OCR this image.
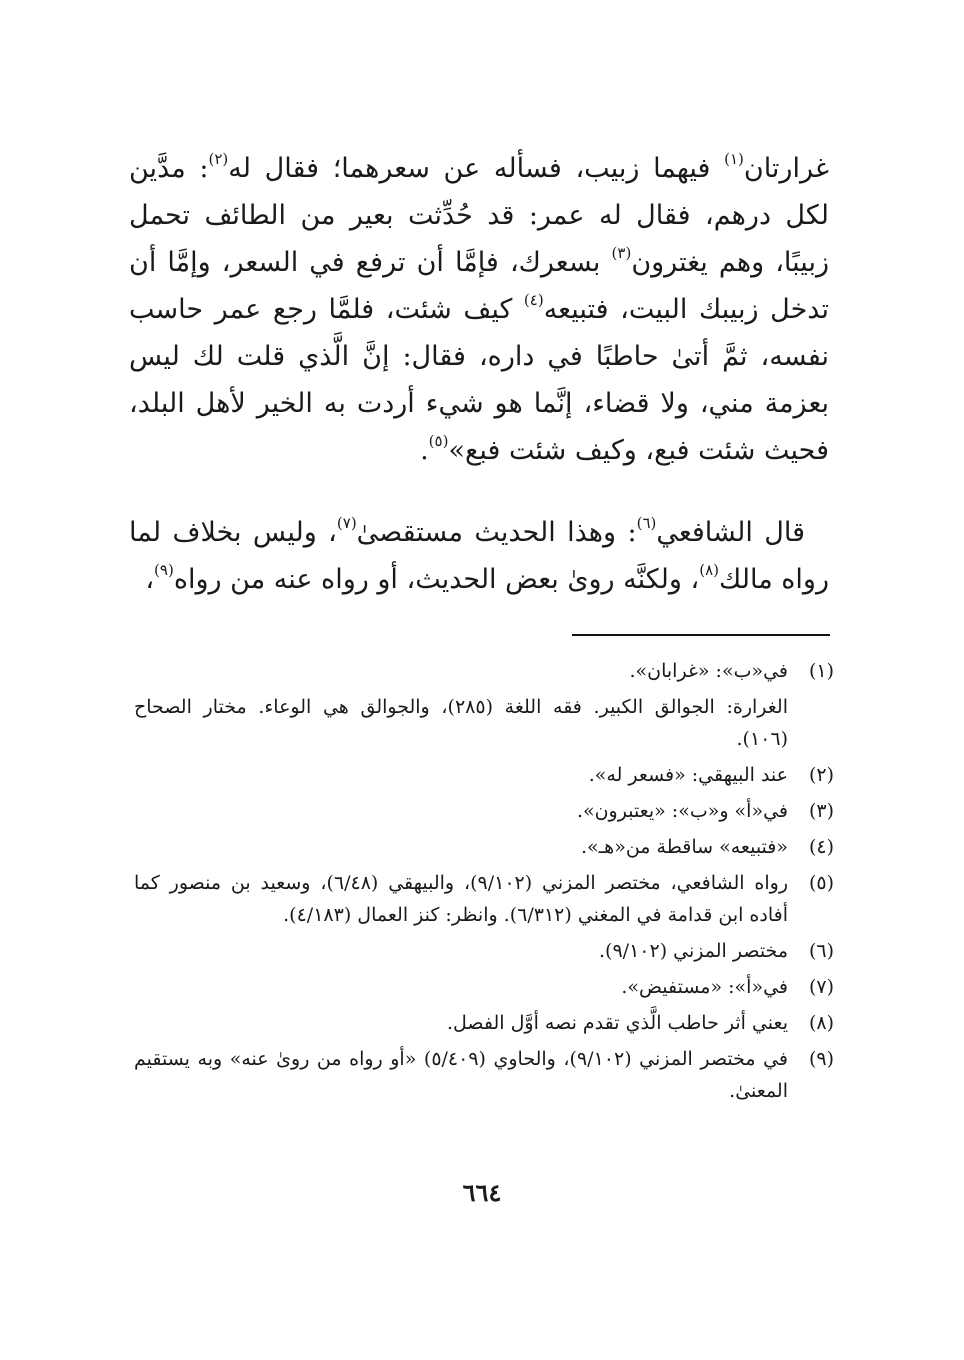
غرارتان$^{(١)}$ فيهما زبيب، فسأله عن سعرهما؛ فقال له$^{(٢)}$: مدَّين لكل درهم، فقال له عمر: قد حُدِّثت بعير من الطائف تحمل زبيبًا، وهم يغترون$^{(٣)}$ بسعرك، فإمَّا أن ترفع في السعر، وإمَّا أن تدخل زبيبك البيت، فتبيعه$^{(٤)}$ كيف شئت، فلمَّا رجع عمر حاسب نفسه، ثمَّ أتىٰ حاطبًا في داره، فقال: إنَّ الَّذي قلت لك ليس بعزمة مني، ولا قضاء، إنَّما هو شيء أردت به الخير لأهل البلد، فحيث شئت فبع، وكيف شئت فبع»$^{(٥)}$.

قال الشافعي$^{(٦)}$: وهذا الحديث مستقصىٰ$^{(٧)}$، وليس بخلاف لما رواه مالك$^{(٨)}$، ولكنَّه روىٰ بعض الحديث، أو رواه عنه من رواه$^{(٩)}$،

(١)
في«ب»: «غرابان».
الغرارة: الجوالق الكبير. فقه اللغة (٢٨٥)، والجوالق هي الوعاء. مختار الصحاح (١٠٦).
(٢)
عند البيهقي: «فسعر له».
(٣)
في«أ» و«ب»: «يعتبرون».
(٤)
«فتبيعه» ساقطة من«هـ».
(٥)
رواه الشافعي، مختصر المزني (٩/١٠٢)، والبيهقي (٦/٤٨)، وسعيد بن منصور كما أفاده ابن قدامة في المغني (٦/٣١٢). وانظر: كنز العمال (٤/١٨٣).
(٦)
مختصر المزني (٩/١٠٢).
(٧)
في«أ»: «مستفيض».
(٨)
يعني أثر حاطب الَّذي تقدم نصه أوَّل الفصل.
(٩)
في مختصر المزني (٩/١٠٢)، والحاوي (٥/٤٠٩) «أو رواه من روىٰ عنه» وبه يستقيم المعنىٰ.
٦٦٤
